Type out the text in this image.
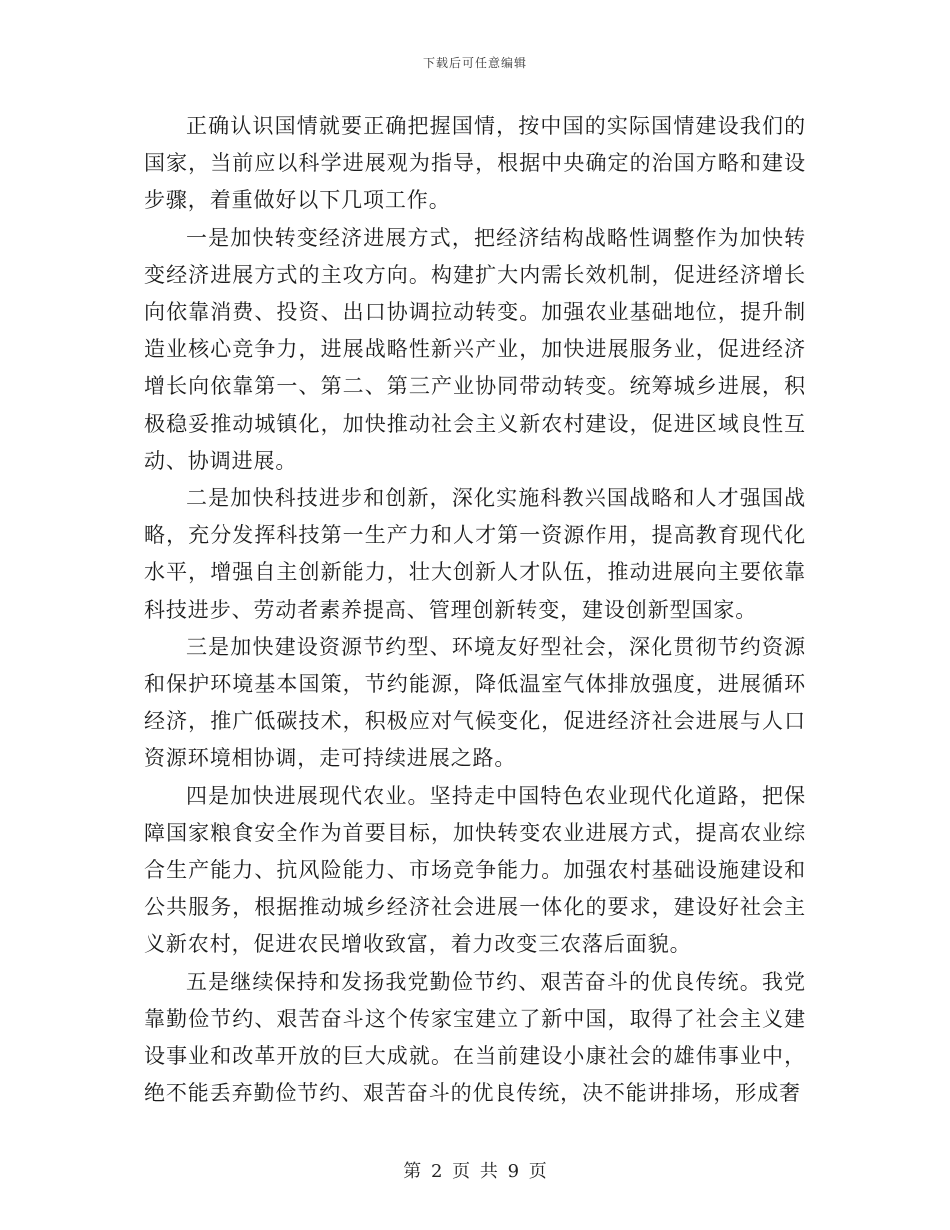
下载后可任意编辑

正确认识国情就要正确把握国情，按中国的实际国情建设我们的国家，当前应以科学进展观为指导，根据中央确定的治国方略和建设步骤，着重做好以下几项工作。

一是加快转变经济进展方式，把经济结构战略性调整作为加快转变经济进展方式的主攻方向。构建扩大内需长效机制，促进经济增长向依靠消费、投资、出口协调拉动转变。加强农业基础地位，提升制造业核心竞争力，进展战略性新兴产业，加快进展服务业，促进经济增长向依靠第一、第二、第三产业协同带动转变。统筹城乡进展，积极稳妥推动城镇化，加快推动社会主义新农村建设，促进区域良性互动、协调进展。

二是加快科技进步和创新，深化实施科教兴国战略和人才强国战略，充分发挥科技第一生产力和人才第一资源作用，提高教育现代化水平，增强自主创新能力，壮大创新人才队伍，推动进展向主要依靠科技进步、劳动者素养提高、管理创新转变，建设创新型国家。

三是加快建设资源节约型、环境友好型社会，深化贯彻节约资源和保护环境基本国策，节约能源，降低温室气体排放强度，进展循环经济，推广低碳技术，积极应对气候变化，促进经济社会进展与人口资源环境相协调，走可持续进展之路。

四是加快进展现代农业。坚持走中国特色农业现代化道路，把保障国家粮食安全作为首要目标，加快转变农业进展方式，提高农业综合生产能力、抗风险能力、市场竞争能力。加强农村基础设施建设和公共服务，根据推动城乡经济社会进展一体化的要求，建设好社会主义新农村，促进农民增收致富，着力改变三农落后面貌。

五是继续保持和发扬我党勤俭节约、艰苦奋斗的优良传统。我党靠勤俭节约、艰苦奋斗这个传家宝建立了新中国，取得了社会主义建设事业和改革开放的巨大成就。在当前建设小康社会的雄伟事业中，绝不能丢弃勤俭节约、艰苦奋斗的优良传统，决不能讲排场，形成奢

第 2 页 共 9 页
